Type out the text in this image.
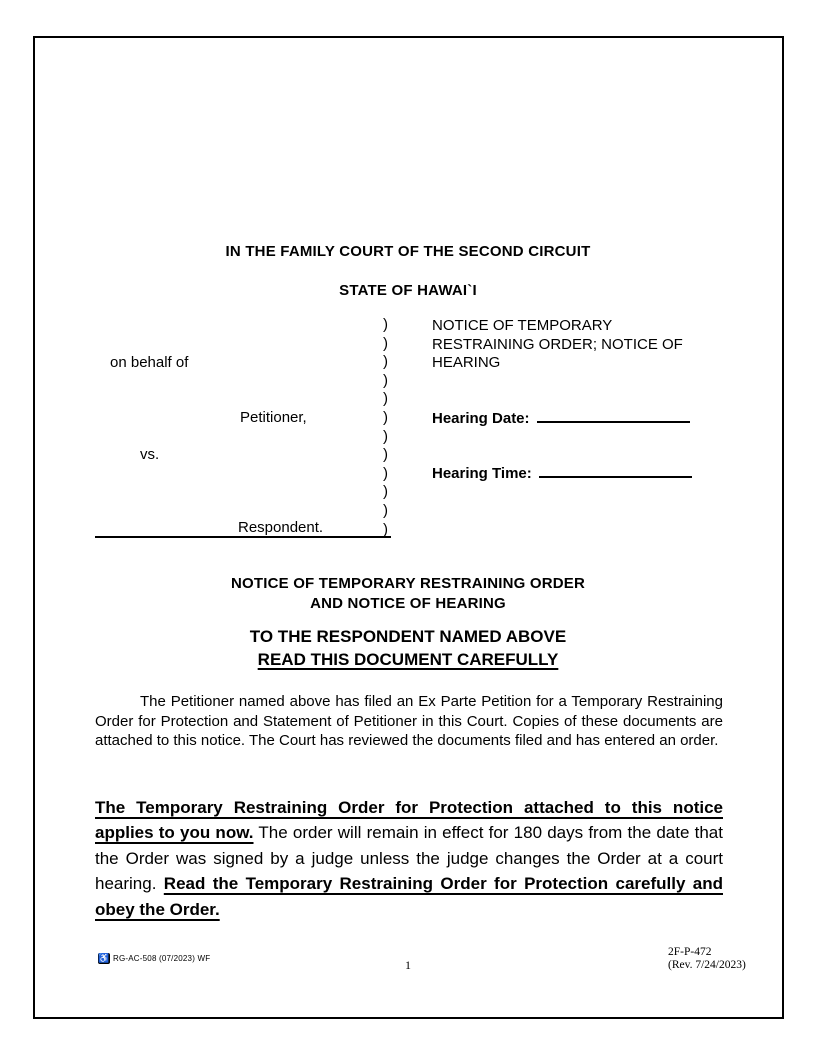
IN THE FAMILY COURT OF THE SECOND CIRCUIT
STATE OF HAWAI`I
on behalf of
Petitioner,
vs.
Respondent.
)
)
)
)
)
)
)
)
)
)
)
)
NOTICE OF TEMPORARY
RESTRAINING ORDER; NOTICE OF
HEARING
Hearing Date:
Hearing Time:
NOTICE OF TEMPORARY RESTRAINING ORDER
AND NOTICE OF HEARING
TO THE RESPONDENT NAMED ABOVE
READ THIS DOCUMENT CAREFULLY
The Petitioner named above has filed an Ex Parte Petition for a Temporary Restraining Order for Protection and Statement of Petitioner in this Court. Copies of these documents are attached to this notice. The Court has reviewed the documents filed and has entered an order.
The Temporary Restraining Order for Protection attached to this notice applies to you now. The order will remain in effect for 180 days from the date that the Order was signed by a judge unless the judge changes the Order at a court hearing. Read the Temporary Restraining Order for Protection carefully and obey the Order.
♿ RG-AC-508 (07/2023) WF	1
2F-P-472
(Rev. 7/24/2023)
